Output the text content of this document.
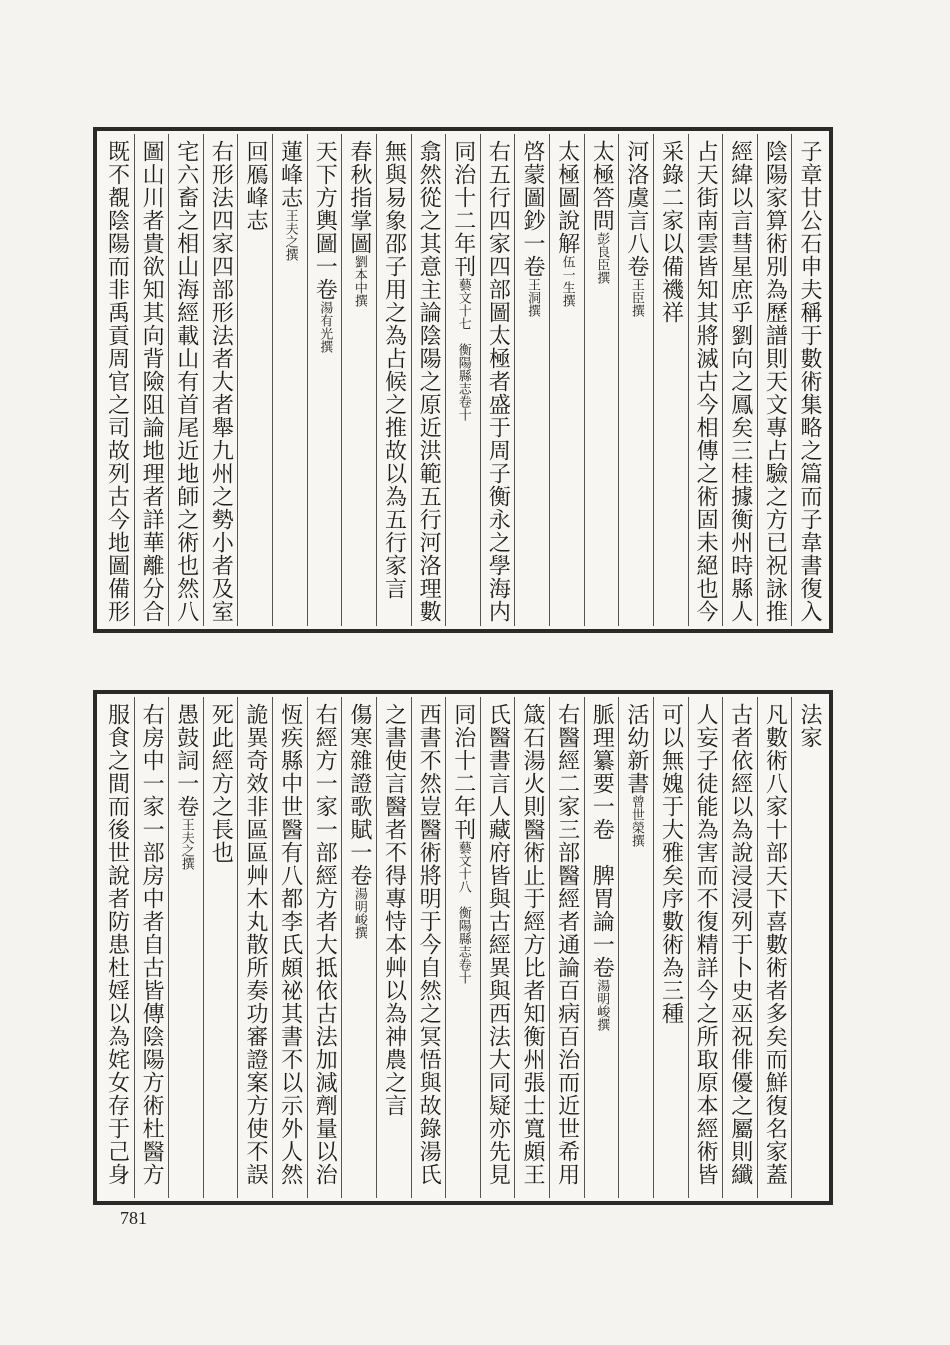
子章甘公石申夫稱于數術集略之篇而子韋書復入
陰陽家算術別為歷譜則天文專占驗之方已祝詠推
經緯以言彗星庶乎劉向之鳳矣三桂據衡州時縣人
占天街南雲皆知其將滅古今相傳之術固未絕也今
采錄二家以備禨祥
河洛虞言八卷王臣撰
太極答問彭良臣撰
太極圖說解伍一生撰
啓蒙圖鈔一卷王洞撰
右五行四家四部圖太極者盛于周子衡永之學海内
同治十二年刊藝文十七　衡陽縣志卷十
翕然從之其意主論陰陽之原近洪範五行河洛理數
無與易象邵子用之為占候之推故以為五行家言
春秋指掌圖劉本中撰
天下方輿圖一卷湯有光撰
蓮峰志王夫之撰
回鴈峰志
右形法四家四部形法者大者舉九州之勢小者及室
宅六畜之相山海經載山有首尾近地師之術也然八
圖山川者貴欲知其向背險阻論地理者詳華離分合
既不覩陰陽而非禹貢周官之司故列古今地圖備形
法家
凡數術八家十部天下喜數術者多矣而鮮復名家蓋
古者依經以為說浸浸列于卜史巫祝俳優之屬則纖
人妄子徒能為害而不復精詳今之所取原本經術皆
可以無媿于大雅矣序數術為三種
活幼新書曾世榮撰
脈理纂要一卷　脾胃論一卷湯明峻撰
右醫經二家三部醫經者通論百病百治而近世希用
箴石湯火則醫術止于經方比者知衡州張士寬頗王
氏醫書言人藏府皆與古經異與西法大同疑亦先見
同治十二年刊藝文十八　衡陽縣志卷十
西書不然豈醫術將明于今自然之冥悟與故錄湯氏
之書使言醫者不得專恃本艸以為神農之言
傷寒雜證歌賦一卷湯明峻撰
右經方一家一部經方者大抵依古法加減劑量以治
恆疾縣中世醫有八都李氏頗祕其書不以示外人然
詭異奇效非區區艸木丸散所奏功審證案方使不誤
死此經方之長也
愚鼓詞一卷王夫之撰
右房中一家一部房中者自古皆傳陰陽方術杜醫方
服食之間而後世說者防患杜婬以為姹女存于己身
781
